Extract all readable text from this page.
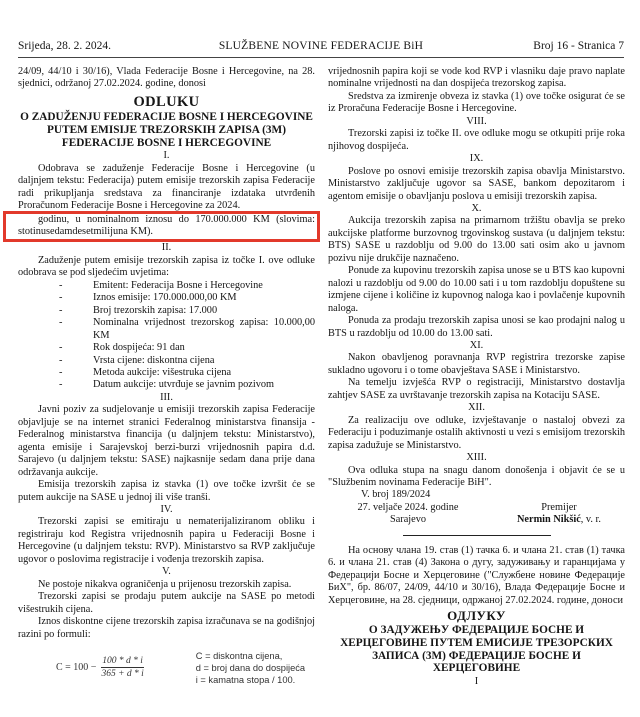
Srijeda, 28. 2. 2024.	SLUŽBENE NOVINE FEDERACIJE BiH	Broj 16 - Stranica 7

24/09, 44/10 i 30/16), Vlada Federacije Bosne i Hercegovine, na 28. sjednici, održanoj 27.02.2024. godine, donosi

ODLUKU
O ZADUŽENJU FEDERACIJE BOSNE I HERCEGOVINE PUTEM EMISIJE TREZORSKIH ZAPISA (3M) FEDERACIJE BOSNE I HERCEGOVINE
I.

Odobrava se zaduženje Federacije Bosne i Hercegovine (u daljnjem tekstu: Federacija) putem emisije trezorskih zapisa Federacije radi prikupljanja sredstava za financiranje izdataka utvrđenih Proračunom Federacije Bosne i Hercegovine za 2024.
godinu, u nominalnom iznosu do 170.000.000 KM (slovima: stotinusedamdesetmilijuna KM).

II.

Zaduženje putem emisije trezorskih zapisa iz točke I. ove odluke odobrava se pod sljedećim uvjetima:

-	Emitent: Federacija Bosne i Hercegovine
-	Iznos emisije: 170.000.000,00 KM
-	Broj trezorskih zapisa: 17.000
-	Nominalna vrijednost trezorskog zapisa: 10.000,00 KM
-	Rok dospijeća: 91 dan
-	Vrsta cijene: diskontna cijena
-	Metoda aukcije: višestruka cijena
-	Datum aukcije: utvrđuje se javnim pozivom
III.

Javni poziv za sudjelovanje u emisiji trezorskih zapisa Federacije objavljuje se na internet stranici Federalnog ministarstva finansija - Federalnog ministarstva financija (u daljnjem tekstu: Ministarstvo), agenta emisije i Sarajevskoj berzi-burzi vrijednosnih papira d.d. Sarajevo (u daljnjem tekstu: SASE) najkasnije sedam dana prije dana održavanja aukcije.

Emisija trezorskih zapisa iz stavka (1) ove točke izvršit će se putem aukcije na SASE u jednoj ili više tranši.

IV.

Trezorski zapisi se emitiraju u nematerijaliziranom obliku i registriraju kod Registra vrijednosnih papira u Federaciji Bosne i Hercegovine (u daljnjem tekstu: RVP). Ministarstvo sa RVP zaključuje ugovor o poslovima registracije i vođenja trezorskih zapisa.

V.

Ne postoje nikakva ograničenja u prijenosu trezorskih zapisa.

Trezorski zapisi se prodaju putem aukcije na SASE po metodi višestrukih cijena.

Iznos diskontne cijene trezorskih zapisa izračunava se na godišnjoj razini po formuli:

$C = 100 - \frac{100 * d * i}{365 + d * i}$	C = diskontna cijena,
d = broj dana do dospijeća
i = kamatna stopa / 100.

vrijednosnih papira koji se vode kod RVP i vlasniku daje pravo naplate nominalne vrijednosti na dan dospijeća trezorskog zapisa.

Sredstva za izmirenje obveza iz stavka (1) ove točke osigurat će se iz Proračuna Federacije Bosne i Hercegovine.

VIII.

Trezorski zapisi iz točke II. ove odluke mogu se otkupiti prije roka njihovog dospijeća.

IX.

Poslove po osnovi emisije trezorskih zapisa obavlja Ministarstvo. Ministarstvo zaključuje ugovor sa SASE, bankom depozitarom i agentom emisije o obavljanju poslova u emisiji trezorskih zapisa.

X.

Aukcija trezorskih zapisa na primarnom tržištu obavlja se preko aukcijske platforme burzovnog trgovinskog sustava (u daljnjem tekstu: BTS) SASE u razdoblju od 9.00 do 13.00 sati osim ako u javnom pozivu nije drukčije naznačeno.

Ponude za kupovinu trezorskih zapisa unose se u BTS kao kupovni nalozi u razdoblju od 9.00 do 10.00 sati i u tom razdoblju dopuštene su izmjene cijene i količine iz kupovnog naloga kao i povlačenje kupovnih naloga.

Ponuda za prodaju trezorskih zapisa unosi se kao prodajni nalog u BTS u razdoblju od 10.00 do 13.00 sati.

XI.

Nakon obavljenog poravnanja RVP registrira trezorske zapise sukladno ugovoru i o tome obavještava SASE i Ministarstvo.

Na temelju izvješća RVP o registraciji, Ministarstvo dostavlja zahtjev SASE za uvrštavanje trezorskih zapisa na Kotaciju SASE.

XII.

Za realizaciju ove odluke, izvještavanje o nastaloj obvezi za Federaciju i poduzimanje ostalih aktivnosti u vezi s emisijom trezorskih zapisa zadužuje se Ministarstvo.

XIII.

Ova odluka stupa na snagu danom donošenja i objavit će se u "Službenim novinama Federacije BiH".

V. broj 189/2024

27. veljače 2024. godine
Sarajevo
Premijer
Nermin Nikšić, v. r.

На основу члана 19. став (1) тачка 6. и члана 21. став (1) тачка 6. и члана 21. став (4) Закона о дугу, задуживању и гаранцијама у Федерацији Босне и Херцеговине ("Службене новине Федерације БиХ", бр. 86/07, 24/09, 44/10 и 30/16), Влада Федерације Босне и Херцеговине, на 28. сједници, одржаној 27.02.2024. године, доноси

ОДЛУКУ
О ЗАДУЖЕЊУ ФЕДЕРАЦИЈЕ БОСНЕ И ХЕРЦЕГОВИНЕ ПУТЕМ ЕМИСИЈЕ ТРЕЗОРСКИХ ЗАПИСА (3М) ФЕДЕРАЦИЈЕ БОСНЕ И ХЕРЦЕГОВИНЕ
I
